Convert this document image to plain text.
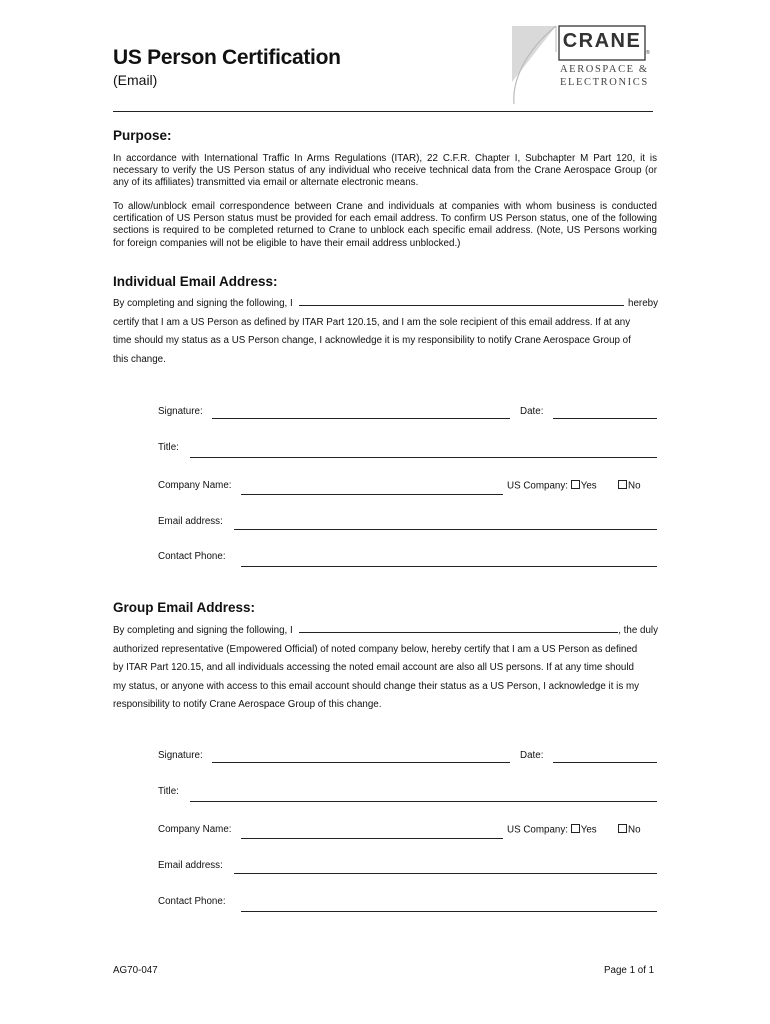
US Person Certification
(Email)
CRANE
®
AEROSPACE &
ELECTRONICS
Purpose:
In accordance with International Traffic In Arms Regulations (ITAR), 22 C.F.R. Chapter I, Subchapter M Part 120, it is necessary to verify the US Person status of any individual who receive technical data from the Crane Aerospace Group (or any of its affiliates) transmitted via email or alternate electronic means.
To allow/unblock email correspondence between Crane and individuals at companies with whom business is conducted certification of US Person status must be provided for each email address. To confirm US Person status, one of the following sections is required to be completed returned to Crane to unblock each specific email address. (Note, US Persons working for foreign companies will not be eligible to have their email address unblocked.)
Individual Email Address:
By completing and signing the following, I	hereby
certify that I am a US Person as defined by ITAR Part 120.15, and I am the sole recipient of this email address. If at any
time should my status as a US Person change, I acknowledge it is my responsibility to notify Crane Aerospace Group of
this change.
Signature:	Date:
Title:
Company Name:	US Company: Yes	No
Email address:
Contact Phone:
Group Email Address:
By completing and signing the following, I	, the duly
authorized representative (Empowered Official) of noted company below, hereby certify that I am a US Person as defined
by ITAR Part 120.15, and all individuals accessing the noted email account are also all US persons. If at any time should
my status, or anyone with access to this email account should change their status as a US Person, I acknowledge it is my
responsibility to notify Crane Aerospace Group of this change.
Signature:	Date:
Title:
Company Name:	US Company: Yes	No
Email address:
Contact Phone:
AG70-047	Page 1 of 1
